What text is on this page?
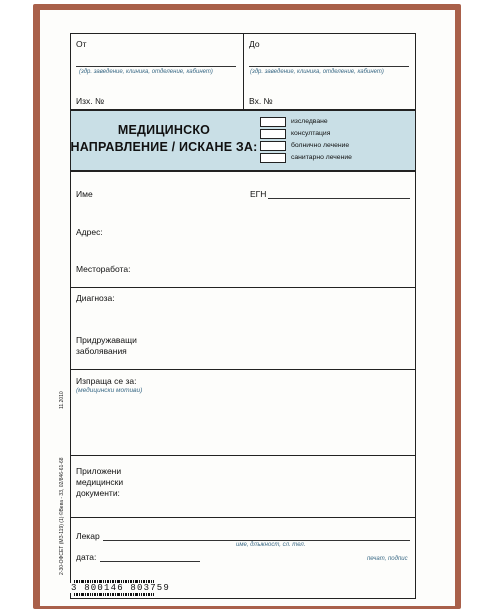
От	До
(здр. заведение, клиника, отделение, кабинет)	(здр. заведение, клиника, отделение, кабинет)
Изх. №	Вх. №
МЕДИЦИНСКО
НАПРАВЛЕНИЕ / ИСКАНЕ ЗА:
изследване
консултация
болнично лечение
санитарно лечение
Име	ЕГН
Адрес:
Месторабота:
Диагноза:
Придружаващи
заболявания
Изпраща се за:
(медицински мотиви)
Приложени
медицински
документи:
Лекар
име, длъжност, сл. тел.
дата:	печат, подпис
2-30-ОФСЕТ (МЗ-119) (1) ©Вева - 33, 02/846-61-68
11.2010
3 800146 803759
